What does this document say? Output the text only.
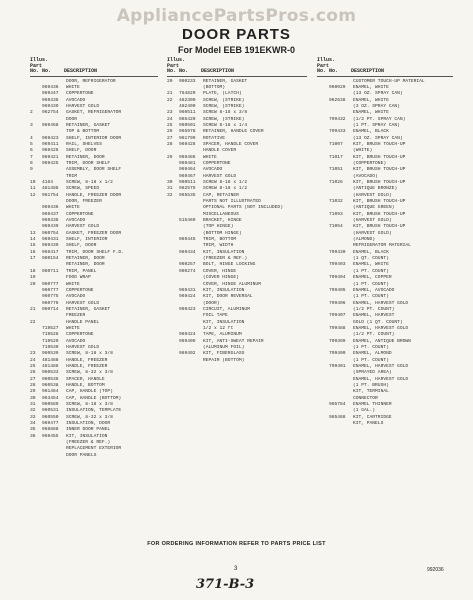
AppliancePartsPros.com
DOOR PARTS
For Model EEB 191EKWR-0
Illus. Part
No. No.	DESCRIPTION
DOOR, REFRIGERATOR
969436	WHITE
969447	COPPERTONE
969438	AVOCADO
969439	HARVEST GOLD
2	962754	GASKET, REFRIGERATOR
DOOR
3	969468	RETAINER, GASKET
TOP & BOTTOM
4	969423	SHELF, INTERIOR DOOR
5	969411	RAIL, SHELVES
6	969426	SHELF, DOOR
7	969421	RETAINER, DOOR
8	969425	TRIM, DOOR SHELF
9	ASSEMBLY, DOOR SHELF
TRIM
10	4164	SCREW, 8-18 x 1/2
11	481488	SCREW, SPEED
12	961754	HANDLE, FREEZER DOOR
DOOR, FREEZER
969436	WHITE
969437	COPPERTONE
969438	AVOCADO
969439	HARVEST GOLD
13	960754	GASKET, FREEZER DOOR
14	969431	SHELF, INTERIOR
15	969439	SHELF, DOOR
16	969417	TRIM, DOOR SHELF F.D.
17	980154	RETAINER, DOOR
RETAINER, DOOR
18	960711	TRIM, PANEL
19	FOOD WRAP
20	960777	WHITE
960777	COPPERTONE
960775	AVOCADO
960776	HARVEST GOLD
21	960714	RETAINER, GASKET
FREEZER
22	HANDLE PANEL
719527	WHITE
719528	COPPERTONE
719529	AVOCADO
719530	HARVEST GOLD
23	960539	SCREW, 8-18 x 3/8
24	481488	HANDLE, FREEZER
25	481488	HANDLE, FREEZER
26	960533	SCREW, 8-32 x 3/8
27	960536	SPACER, HANDLE
28	960538	HANDLE, BOTTOM
29	961464	CAP, HANDLE (TOP)
30	963454	CAP, HANDLE (BOTTOM)
31	960589	SCREW, 8-18 x 3/8
32	960531	INSULATION, TEMPLATE
33	960550	SCREW, 8-32 x 3/8
34	969477	INSULATION, DOOR
35	968888	INNER DOOR PANEL
36	969455	KIT, INSULATION
(FREEZER & REF.)
REPLACEMENT EXTERIOR
DOOR PANELS
Illus. Part
No. No.	DESCRIPTION
20	960233	RETAINER, GASKET
(BOTTOM)
21	764820	PLATE, (LATCH)
22	482300	SCREW, (STRIKE)
482400	SCREW, (STRIKE)
23	960511	SCREW 8-18 x 3/8
24	965420	SCREW, (STRIKE)
25	960501	SCREW 8-18 x 1/4
26	965978	RETAINER, HANDLE COVER
27	961799	ROTATIVE
28	969428	SPACER, HANDLE COVER
HANDLE COVER
29	969486	WHITE
969481	COPPERTONE
969464	AVOCADO
969467	HARVEST GOLD
30	960511	SCREW 8-18 x 1/2
31	962575	SCREW 8-18 x 1/2
32	965535	CAP, RETAINER
PARTS NOT ILLUSTRATED
OPTIONAL PARTS (NOT INCLUDED)
MISCELLANEOUS
515469	BRACKET, HINGE
(TOP HINGE)
(BOTTOM HINGE)
969445	TRIM, BOTTOM
TRIM, WIDTH
969434	KIT, INSULATION
(FREEZER & REF.)
960257	BOLT, HINGE LOCKING
960274	COVER, HINGE
(COVER HINGE)
COVER, HINGE ALUMINUM
969431	KIT, INSULATION
969424	KIT, DOOR REVERSAL
(DOOR)
969423	CIRCUIT, ALUMINUM
FOIL TAPE
KIT, INSULATION
1/2 x 12 ft
969424	TAPE, ALUMINUM
969409	KIT, ANTI-SWEAT REPAIR
(ALUMINUM FOIL)
969402	KIT, FIBERGLASS
REPAIR (BOTTOM)
Illus. Part
No. No.	DESCRIPTION
CUSTOMER TOUCH-UP MATERIAL
960029	ENAMEL, WHITE
(13 OZ. SPRAY CAN)
962638	ENAMEL, WHITE
(3 OZ. SPRAY CAN)
ENAMEL, WHITE
799432	(1/2 PT. SPRAY CAN)
(1 PT. SPRAY CAN)
799433	ENAMEL, BLACK
(13 OZ. SPRAY CAN)
71007	KIT, BRUSH TOUCH-UP
(WHITE)
71017	KIT, BRUSH TOUCH-UP
(COPPERTONE)
71051	KIT, BRUSH TOUCH-UP
(AVOCADO)
71026	KIT, BRUSH TOUCH-UP
(ANTIQUE BRONZE)
(HARVEST GOLD)
71032	KIT, BRUSH TOUCH-UP
(ANTIQUE GREEN)
71093	KIT, BRUSH TOUCH-UP
(HARVEST GOLD)
71054	KIT, BRUSH TOUCH-UP
(HARVEST GOLD)
(ALMOND)
REFRIGERATOR MATERIAL
799430	ENAMEL, BLACK
(1 QT. COUNT)
799403	ENAMEL, WHITE
(1 PT. COUNT)
799404	ENAMEL, COPPER
(1 PT. COUNT)
799405	ENAMEL, AVOCADO
(1 PT. COUNT)
799406	ENAMEL, HARVEST GOLD
(1/2 PT. COUNT)
799407	ENAMEL, HARVEST
GOLD (1 QT. COUNT)
799488	ENAMEL, HARVEST GOLD
(1/2 PT. COUNT)
799399	ENAMEL, ANTIQUE BROWN
(1 PT. COUNT)
799400	ENAMEL, ALMOND
(1 PT. COUNT)
799401	ENAMEL, HARVEST GOLD
(SPRAYED AREA)
ENAMEL, HARVEST GOLD
(1 PT. BRUSH)
KIT, TERMINAL
CONNECTOR
965784	ENAMEL THINNER
(1 GAL.)
985488	KIT, CARTRIDGE
KIT, PANELS
FOR ORDERING INFORMATION REFER TO PARTS PRICE LIST
3	992036
371-B-3
